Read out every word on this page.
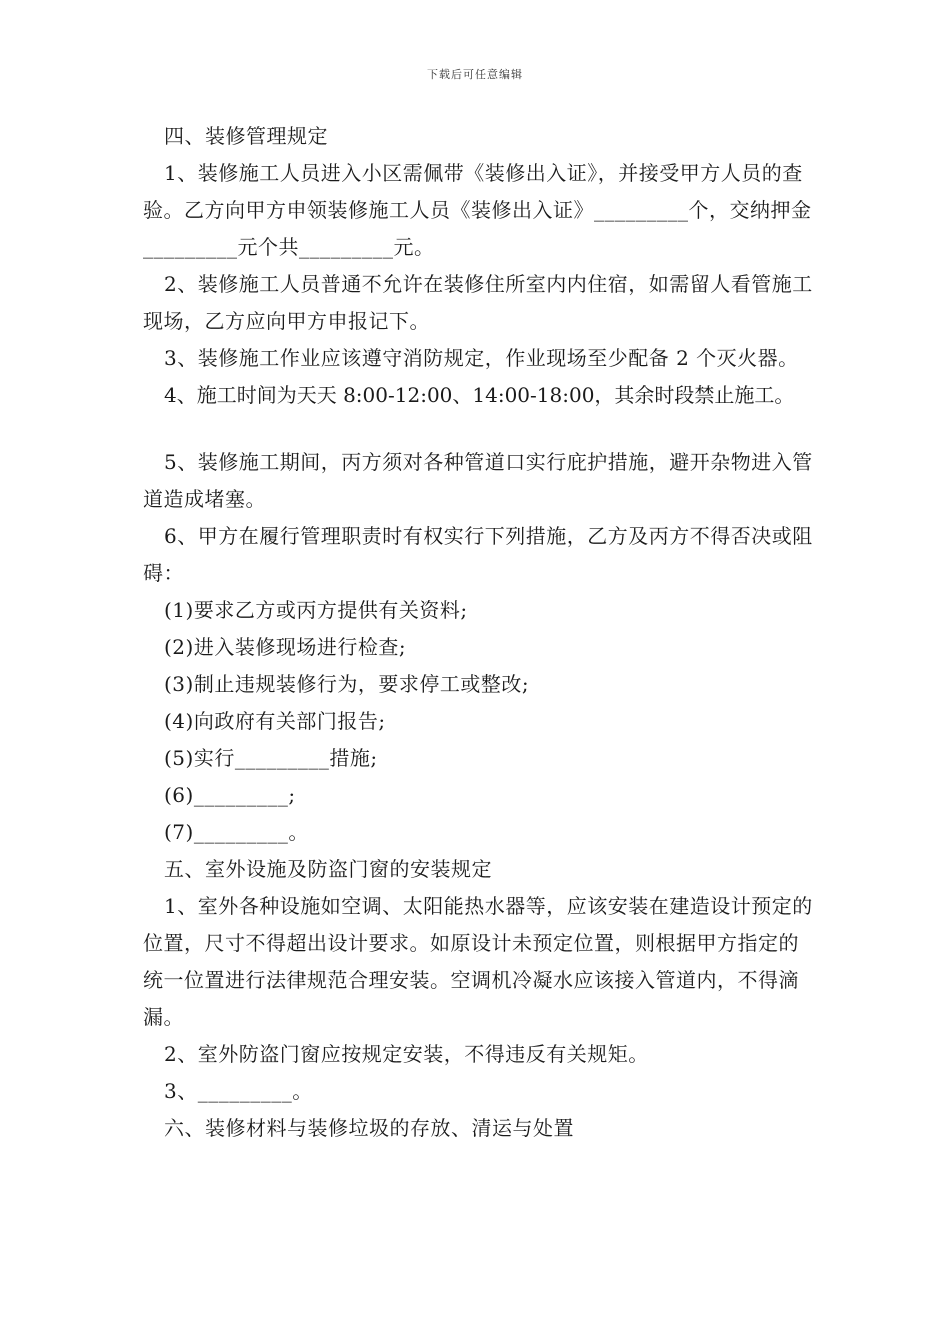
下载后可任意编辑

四、装修管理规定

1、装修施工人员进入小区需佩带《装修出入证》，并接受甲方人员的查验。乙方向甲方申领装修施工人员《装修出入证》_________个，交纳押金_________元个共_________元。

2、装修施工人员普通不允许在装修住所室内内住宿，如需留人看管施工现场，乙方应向甲方申报记下。

3、装修施工作业应该遵守消防规定，作业现场至少配备 2 个灭火器。

4、施工时间为天天 8:00-12:00、14:00-18:00，其余时段禁止施工。

5、装修施工期间，丙方须对各种管道口实行庇护措施，避开杂物进入管道造成堵塞。

6、甲方在履行管理职责时有权实行下列措施，乙方及丙方不得否决或阻碍：

(1)要求乙方或丙方提供有关资料;

(2)进入装修现场进行检查;

(3)制止违规装修行为，要求停工或整改;

(4)向政府有关部门报告;

(5)实行_________措施;

(6)_________;

(7)_________。

五、室外设施及防盗门窗的安装规定

1、室外各种设施如空调、太阳能热水器等，应该安装在建造设计预定的位置，尺寸不得超出设计要求。如原设计未预定位置，则根据甲方指定的统一位置进行法律规范合理安装。空调机冷凝水应该接入管道内，不得滴漏。

2、室外防盗门窗应按规定安装，不得违反有关规矩。

3、_________。

六、装修材料与装修垃圾的存放、清运与处置
